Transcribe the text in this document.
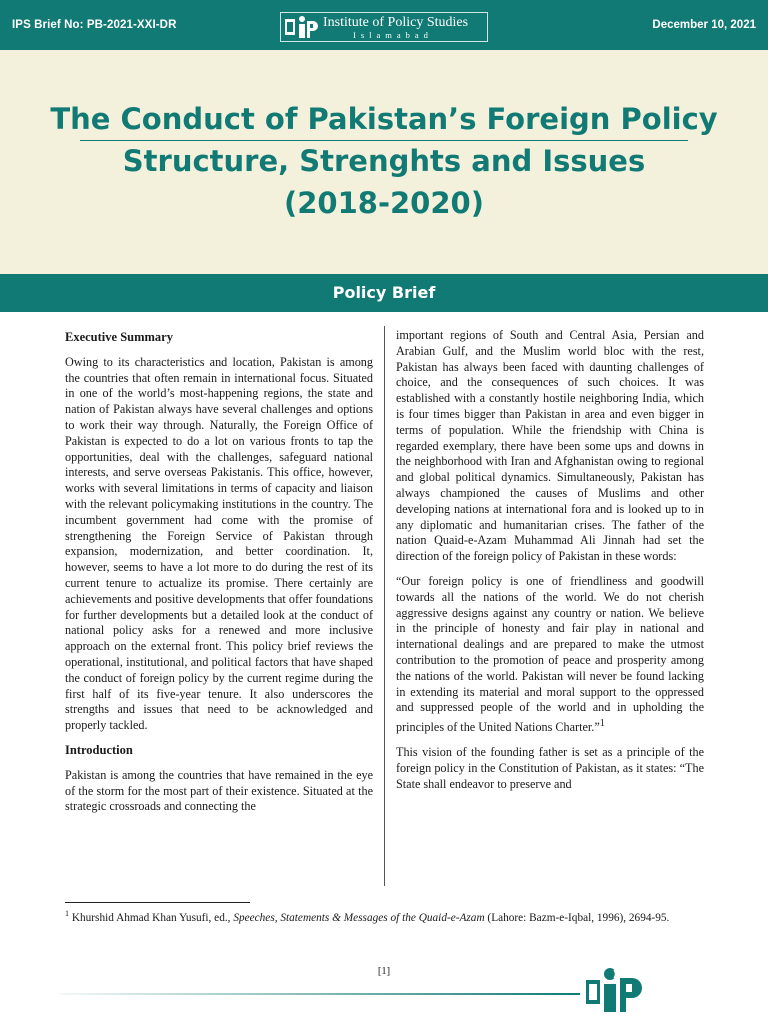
IPS Brief No: PB-2021-XXI-DR	Institute of Policy Studies
Islamabad
December 10, 2021
The Conduct of Pakistan’s Foreign Policy
Structure, Strenghts and Issues
(2018-2020)
Policy Brief
Executive Summary

Owing to its characteristics and location, Pakistan is among the countries that often remain in international focus. Situated in one of the world’s most-happening regions, the state and nation of Pakistan always have several challenges and options to work their way through. Naturally, the Foreign Office of Pakistan is expected to do a lot on various fronts to tap the opportunities, deal with the challenges, safeguard national interests, and serve overseas Pakistanis. This office, however, works with several limitations in terms of capacity and liaison with the relevant policymaking institutions in the country. The incumbent government had come with the promise of strengthening the Foreign Service of Pakistan through expansion, modernization, and better coordination. It, however, seems to have a lot more to do during the rest of its current tenure to actualize its promise. There certainly are achievements and positive developments that offer foundations for further developments but a detailed look at the conduct of national policy asks for a renewed and more inclusive approach on the external front. This policy brief reviews the operational, institutional, and political factors that have shaped the conduct of foreign policy by the current regime during the first half of its five-year tenure. It also underscores the strengths and issues that need to be acknowledged and properly tackled.

Introduction

Pakistan is among the countries that have remained in the eye of the storm for the most part of their existence. Situated at the strategic crossroads and connecting the

important regions of South and Central Asia, Persian and Arabian Gulf, and the Muslim world bloc with the rest, Pakistan has always been faced with daunting challenges of choice, and the consequences of such choices. It was established with a constantly hostile neighboring India, which is four times bigger than Pakistan in area and even bigger in terms of population. While the friendship with China is regarded exemplary, there have been some ups and downs in the neighborhood with Iran and Afghanistan owing to regional and global political dynamics. Simultaneously, Pakistan has always championed the causes of Muslims and other developing nations at international fora and is looked up to in any diplomatic and humanitarian crises. The father of the nation Quaid-e-Azam Muhammad Ali Jinnah had set the direction of the foreign policy of Pakistan in these words:

“Our foreign policy is one of friendliness and goodwill towards all the nations of the world. We do not cherish aggressive designs against any country or nation. We believe in the principle of honesty and fair play in national and international dealings and are prepared to make the utmost contribution to the promotion of peace and prosperity among the nations of the world. Pakistan will never be found lacking in extending its material and moral support to the oppressed and suppressed people of the world and in upholding the principles of the United Nations Charter.”$^1$

This vision of the founding father is set as a principle of the foreign policy in the Constitution of Pakistan, as it states: “The State shall endeavor to preserve and

$^1$ Khurshid Ahmad Khan Yusufi, ed., Speeches, Statements & Messages of the Quaid-e-Azam (Lahore: Bazm-e-Iqbal, 1996), 2694-95.
[1]
